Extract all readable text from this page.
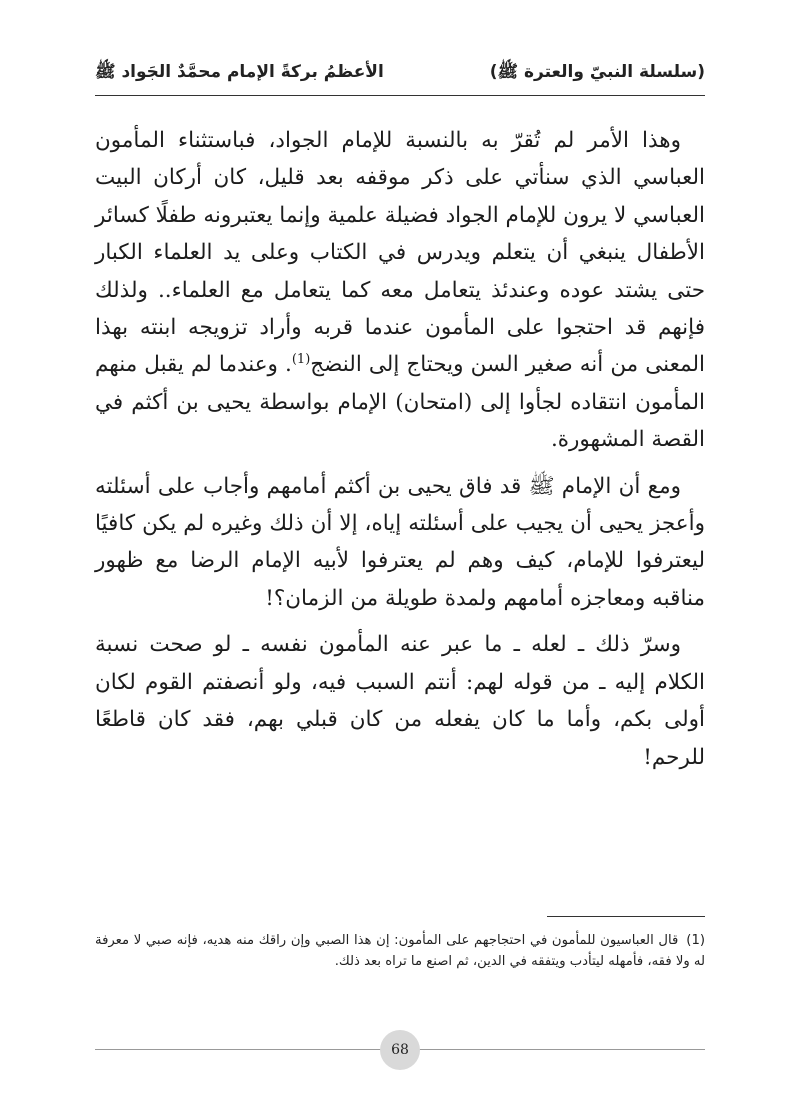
الأعظمُ بركةً الإمام محمَّدٌ الجَواد ﷺ	(سلسلة النبيّ والعترة ﷺ)

وهذا الأمر لم تُقرّ به بالنسبة للإمام الجواد، فباستثناء المأمون العباسي الذي سنأتي على ذكر موقفه بعد قليل، كان أركان البيت العباسي لا يرون للإمام الجواد فضيلة علمية وإنما يعتبرونه طفلًا كسائر الأطفال ينبغي أن يتعلم ويدرس في الكتاب وعلى يد العلماء الكبار حتى يشتد عوده وعندئذ يتعامل معه كما يتعامل مع العلماء.. ولذلك فإنهم قد احتجوا على المأمون عندما قربه وأراد تزويجه ابنته بهذا المعنى من أنه صغير السن ويحتاج إلى النضج$^{(1)}$. وعندما لم يقبل منهم المأمون انتقاده لجأوا إلى (امتحان) الإمام بواسطة يحيى بن أكثم في القصة المشهورة.

ومع أن الإمام ﷺ قد فاق يحيى بن أكثم أمامهم وأجاب على أسئلته وأعجز يحيى أن يجيب على أسئلته إياه، إلا أن ذلك وغيره لم يكن كافيًا ليعترفوا للإمام، كيف وهم لم يعترفوا لأبيه الإمام الرضا مع ظهور مناقبه ومعاجزه أمامهم ولمدة طويلة من الزمان؟!

وسرّ ذلك ـ لعله ـ ما عبر عنه المأمون نفسه ـ لو صحت نسبة الكلام إليه ـ من قوله لهم: أنتم السبب فيه، ولو أنصفتم القوم لكان أولى بكم، وأما ما كان يفعله من كان قبلي بهم، فقد كان قاطعًا للرحم!

(1)قال العباسيون للمأمون في احتجاجهم على المأمون: إن هذا الصبي وإن راقك منه هديه، فإنه صبي لا معرفة له ولا فقه، فأمهله ليتأدب ويتفقه في الدين، ثم اصنع ما تراه بعد ذلك.

68
